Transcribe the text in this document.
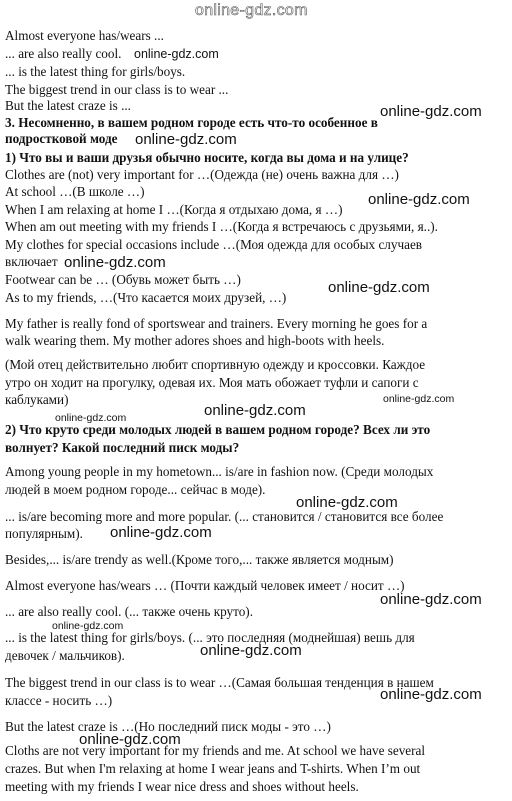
Almost everyone has/wears ...
... are also really cool.
... is the latest thing for girls/boys.
The biggest trend in our class is to wear ...
But the latest craze is ...
3. Несомненно, в вашем родном городе есть что-то особенное в
подростковой моде
1) Что вы и ваши друзья обычно носите, когда вы дома и на улице?
Clothes are (not) very important for …(Одежда (не) очень важна для …)
At school …(В школе …)
When I am relaxing at home I …(Когда я отдыхаю дома, я …)
When am out meeting with my friends I …(Когда я встречаюсь с друзьями, я..).
My clothes for special occasions include …(Моя одежда для особых случаев
включает
Footwear can be … (Обувь может быть …)
As to my friends, …(Что касается моих друзей, …)
My father is really fond of sportswear and trainers. Every morning he goes for a
walk wearing them. My mother adores shoes and high-boots with heels.
(Мой отец действительно любит спортивную одежду и кроссовки. Каждое
утро он ходит на прогулку, одевая их. Моя мать обожает туфли и сапоги с
каблуками)
2) Что круто среди молодых людей в вашем родном городе? Всех ли это
волнует? Какой последний писк моды?
Among young people in my hometown... is/are in fashion now. (Среди молодых
людей в моем родном городе... сейчас в моде).
... is/are becoming more and more popular. (... становится / становится все более
популярным).
Besides,... is/are trendy as well.(Кроме того,... также является модным)
Almost everyone has/wears … (Почти каждый человек имеет / носит …)
... are also really cool. (... также очень круто).
... is the latest thing for girls/boys. (... это последняя (моднейшая) вешь для
девочек / мальчиков).
The biggest trend in our class is to wear …(Самая большая тенденция в нашем
классе - носить …)
But the latest craze is …(Но последний писк моды - это …)
Cloths are not very important for my friends and me. At school we have several
crazes. But when I'm relaxing at home I wear jeans and T-shirts. When I’m out
meeting with my friends I wear nice dress and shoes without heels.
online-gdz.com
online-gdz.com
online-gdz.com
online-gdz.com
online-gdz.com
online-gdz.com
online-gdz.com
online-gdz.com
online-gdz.com
online-gdz.com
online-gdz.com
online-gdz.com
online-gdz.com
online-gdz.com
online-gdz.com
online-gdz.com
online-gdz.com
